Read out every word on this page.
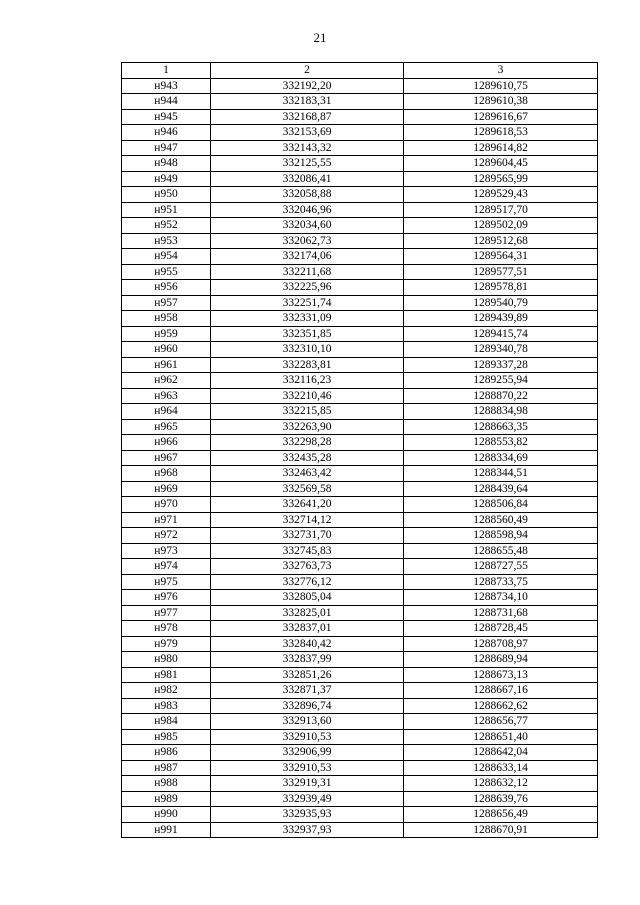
21
1	2	3
н943	332192,20	1289610,75
н944	332183,31	1289610,38
н945	332168,87	1289616,67
н946	332153,69	1289618,53
н947	332143,32	1289614,82
н948	332125,55	1289604,45
н949	332086,41	1289565,99
н950	332058,88	1289529,43
н951	332046,96	1289517,70
н952	332034,60	1289502,09
н953	332062,73	1289512,68
н954	332174,06	1289564,31
н955	332211,68	1289577,51
н956	332225,96	1289578,81
н957	332251,74	1289540,79
н958	332331,09	1289439,89
н959	332351,85	1289415,74
н960	332310,10	1289340,78
н961	332283,81	1289337,28
н962	332116,23	1289255,94
н963	332210,46	1288870,22
н964	332215,85	1288834,98
н965	332263,90	1288663,35
н966	332298,28	1288553,82
н967	332435,28	1288334,69
н968	332463,42	1288344,51
н969	332569,58	1288439,64
н970	332641,20	1288506,84
н971	332714,12	1288560,49
н972	332731,70	1288598,94
н973	332745,83	1288655,48
н974	332763,73	1288727,55
н975	332776,12	1288733,75
н976	332805,04	1288734,10
н977	332825,01	1288731,68
н978	332837,01	1288728,45
н979	332840,42	1288708,97
н980	332837,99	1288689,94
н981	332851,26	1288673,13
н982	332871,37	1288667,16
н983	332896,74	1288662,62
н984	332913,60	1288656,77
н985	332910,53	1288651,40
н986	332906,99	1288642,04
н987	332910,53	1288633,14
н988	332919,31	1288632,12
н989	332939,49	1288639,76
н990	332935,93	1288656,49
н991	332937,93	1288670,91
